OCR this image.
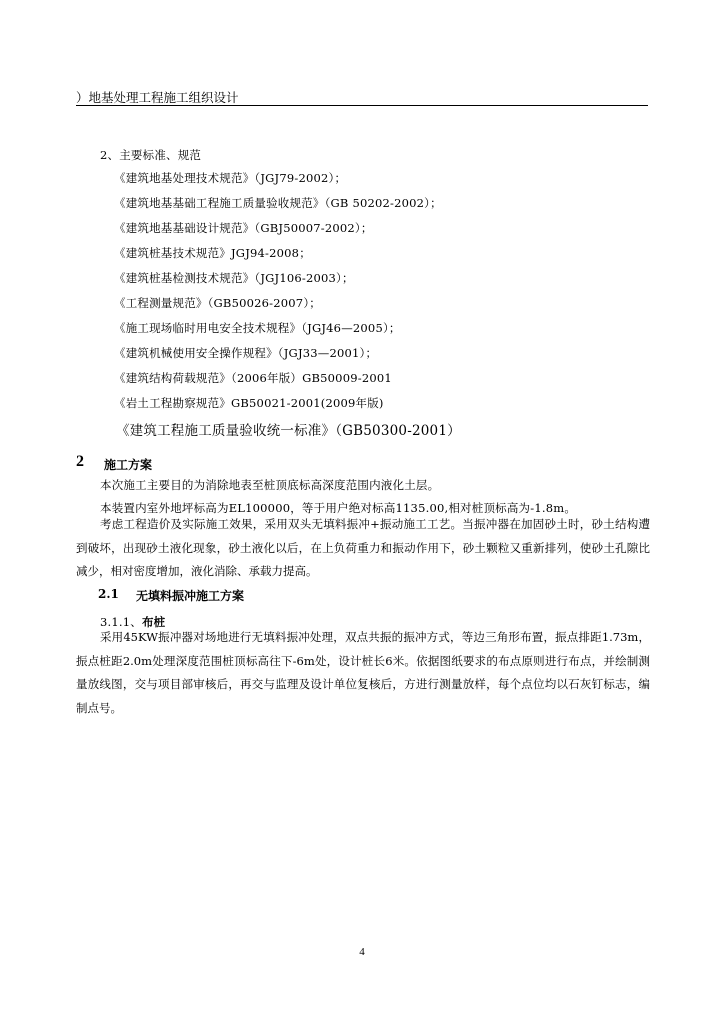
）地基处理工程施工组织设计
2、主要标准、规范
《建筑地基处理技术规范》（JGJ79-2002）；
《建筑地基基础工程施工质量验收规范》（GB 50202-2002）；
《建筑地基基础设计规范》（GBJ50007-2002）；
《建筑桩基技术规范》JGJ94-2008；
《建筑桩基检测技术规范》（JGJ106-2003）；
《工程测量规范》（GB50026-2007）；
《施工现场临时用电安全技术规程》（JGJ46—2005）；
《建筑机械使用安全操作规程》（JGJ33—2001）；
《建筑结构荷载规范》（2006年版）GB50009-2001
《岩土工程勘察规范》GB50021-2001(2009年版)
《建筑工程施工质量验收统一标准》（GB50300-2001）
2 施工方案
本次施工主要目的为消除地表至桩顶底标高深度范围内液化土层。
本装置内室外地坪标高为EL100000，等于用户绝对标高1135.00,相对桩顶标高为-1.8m。
考虑工程造价及实际施工效果，采用双头无填料振冲+振动施工工艺。当振冲器在加固砂土时，砂土结构遭到破坏，出现砂土液化现象，砂土液化以后，在上负荷重力和振动作用下，砂土颗粒又重新排列，使砂土孔隙比减少，相对密度增加，液化消除、承载力提高。
2.1 无填料振冲施工方案
3.1.1、布桩
采用45KW振冲器对场地进行无填料振冲处理，双点共振的振冲方式，等边三角形布置，振点排距1.73m，振点桩距2.0m处理深度范围桩顶标高往下-6m处，设计桩长6米。依据图纸要求的布点原则进行布点，并绘制测量放线图，交与项目部审核后，再交与监理及设计单位复核后，方进行测量放样，每个点位均以石灰钉标志，编制点号。
4
